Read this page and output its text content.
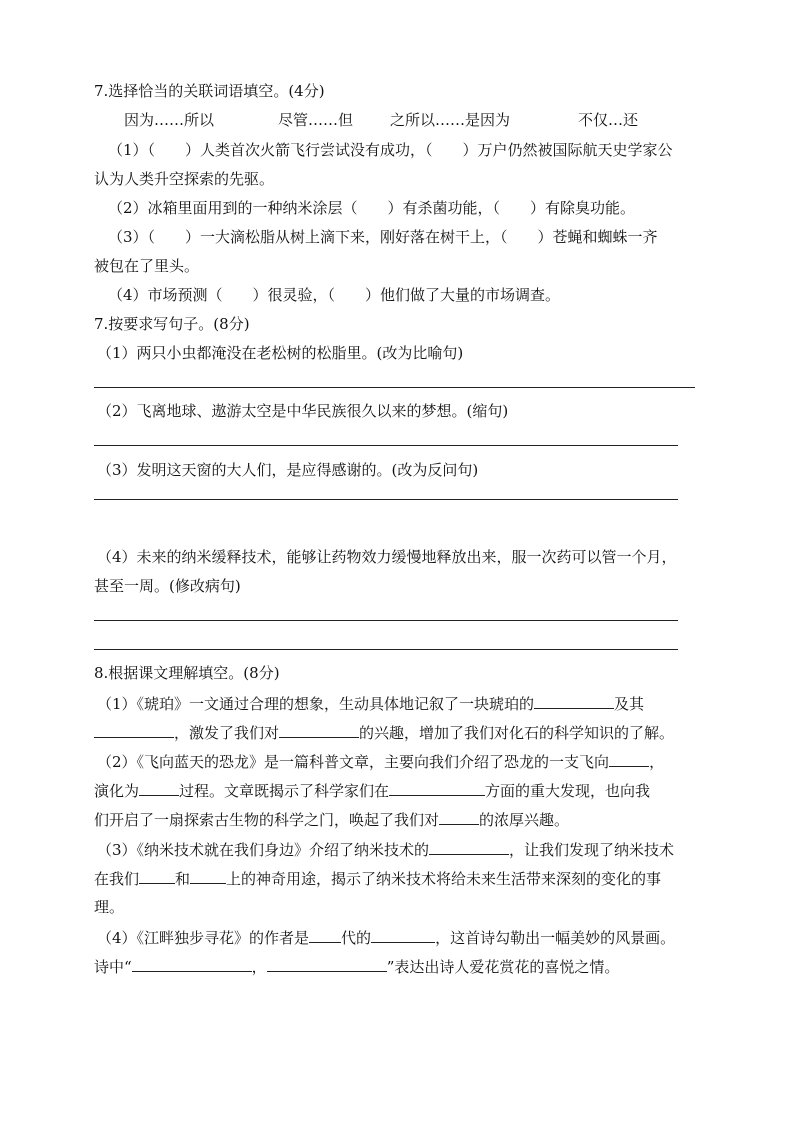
7.选择恰当的关联词语填空。(4分)
因为……所以	尽管……但 之所以……是因为	不仅…还
（1）（　　）人类首次火箭飞行尝试没有成功，（　　）万户仍然被国际航天史学家公
认为人类升空探索的先驱。
（2）冰箱里面用到的一种纳米涂层（　　）有杀菌功能，（　　）有除臭功能。
（3）（　　）一大滴松脂从树上滴下来，刚好落在树干上，（　　）苍蝇和蜘蛛一齐
被包在了里头。
（4）市场预测（　　）很灵验，（　　）他们做了大量的市场调查。
7.按要求写句子。(8分)
（1）两只小虫都淹没在老松树的松脂里。(改为比喻句)
（2）飞离地球、遨游太空是中华民族很久以来的梦想。(缩句)
（3）发明这天窗的大人们，是应得感谢的。(改为反问句)
（4）未来的纳米缓释技术，能够让药物效力缓慢地释放出来，服一次药可以管一个月，
甚至一周。(修改病句)
8.根据课文理解填空。(8分)
（1）《琥珀》一文通过合理的想象，生动具体地记叙了一块琥珀的	及其
，激发了我们对	的兴趣，增加了我们对化石的科学知识的了解。
（2）《飞向蓝天的恐龙》是一篇科普文章，主要向我们介绍了恐龙的一支飞向	，
演化为	过程。文章既揭示了科学家们在	方面的重大发现，也向我
们开启了一扇探索古生物的科学之门，唤起了我们对	的浓厚兴趣。
（3）《纳米技术就在我们身边》介绍了纳米技术的	，让我们发现了纳米技术
在我们 和 上的神奇用途，揭示了纳米技术将给未来生活带来深刻的变化的事
理。
（4）《江畔独步寻花》的作者是 代的	，这首诗勾勒出一幅美妙的风景画。
诗中“	，	”表达出诗人爱花赏花的喜悦之情。
